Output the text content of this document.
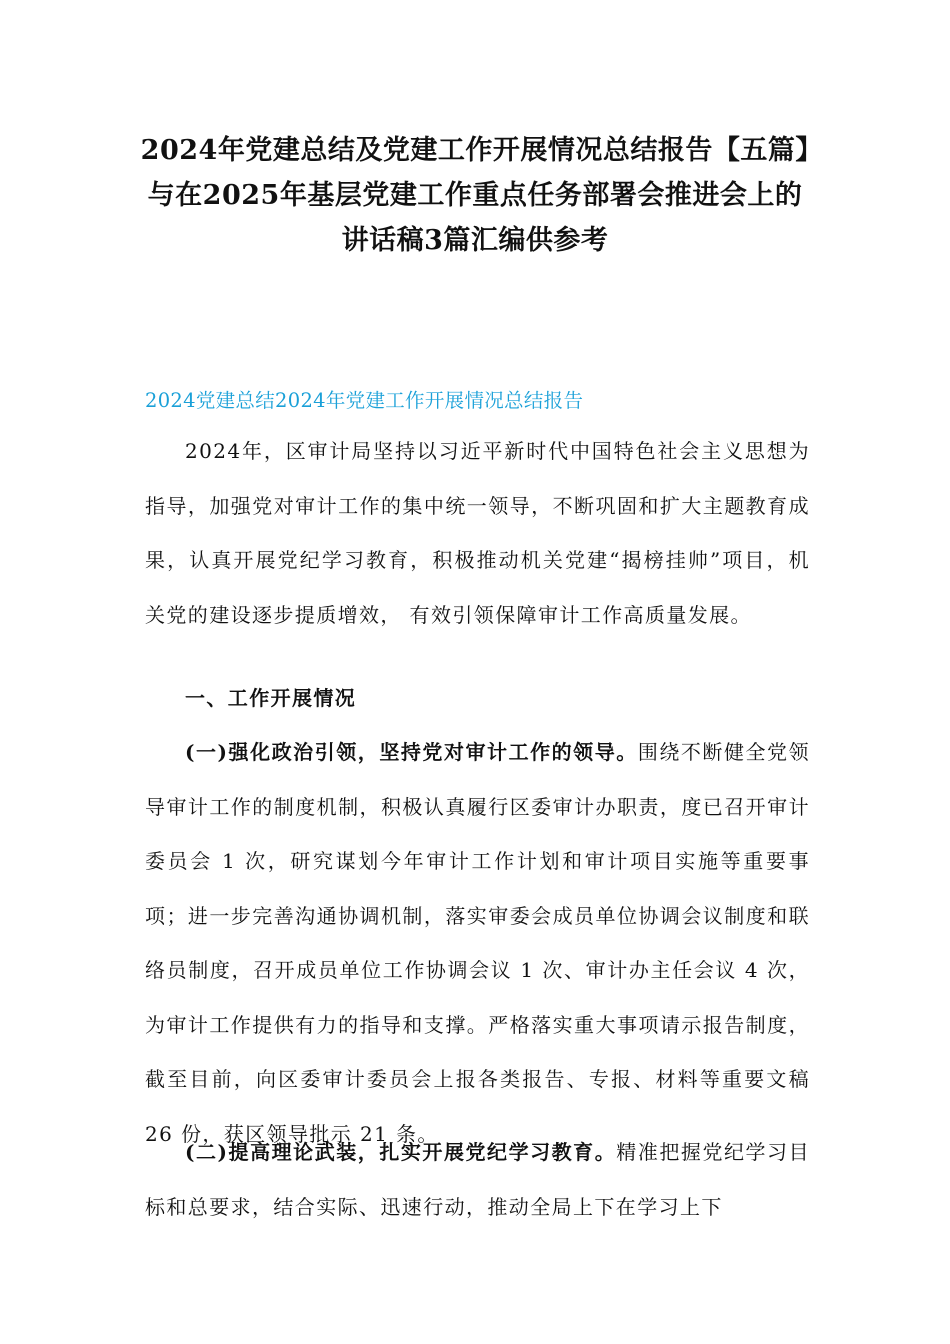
2024年党建总结及党建工作开展情况总结报告【五篇】与在2025年基层党建工作重点任务部署会推进会上的讲话稿3篇汇编供参考
2024党建总结2024年党建工作开展情况总结报告

2024年，区审计局坚持以习近平新时代中国特色社会主义思想为指导，加强党对审计工作的集中统一领导，不断巩固和扩大主题教育成果，认真开展党纪学习教育，积极推动机关党建“揭榜挂帅”项目，机关党的建设逐步提质增效， 有效引领保障审计工作高质量发展。

一、工作开展情况

(一)强化政治引领，坚持党对审计工作的领导。围绕不断健全党领导审计工作的制度机制，积极认真履行区委审计办职责，度已召开审计委员会 1 次，研究谋划今年审计工作计划和审计项目实施等重要事项；进一步完善沟通协调机制，落实审委会成员单位协调会议制度和联络员制度，召开成员单位工作协调会议 1 次、审计办主任会议 4 次，为审计工作提供有力的指导和支撑。严格落实重大事项请示报告制度，截至目前，向区委审计委员会上报各类报告、专报、材料等重要文稿 26 份，获区领导批示 21 条。

(二)提高理论武装，扎实开展党纪学习教育。精准把握党纪学习目标和总要求，结合实际、迅速行动，推动全局上下在学习上下
